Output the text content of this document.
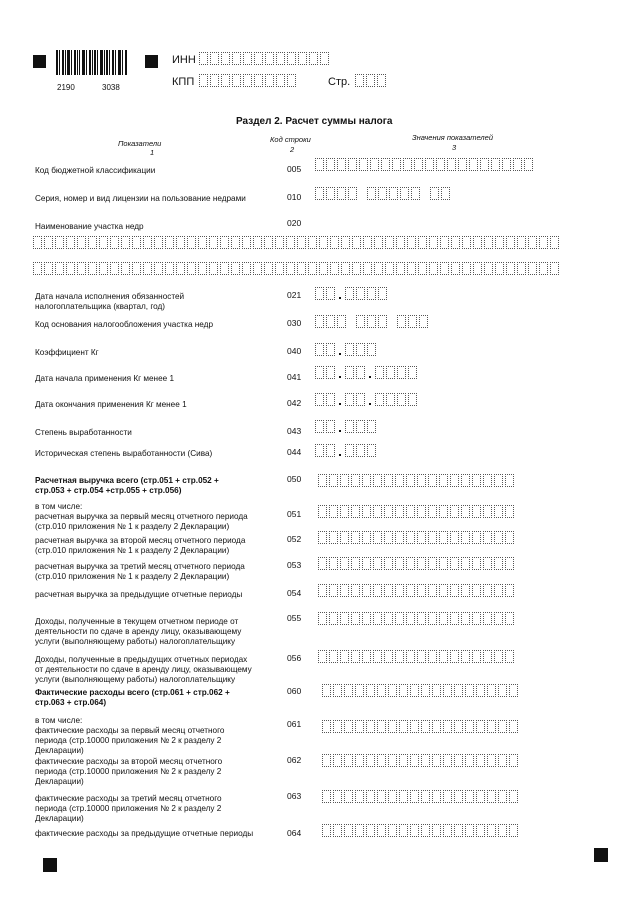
2190	3038
ИНН
КПП	Стр.
Раздел 2. Расчет суммы налога
Показатели
1
Код строки
2
Значения показателей
3
Код бюджетной классификации	005
Серия, номер и вид лицензии на пользование недрами	010
Наименование участка недр	020
Дата начала исполнения обязанностей
налогоплательщика (квартал, год)
021
Код основания налогообложения участка недр	030
Коэффициент Кг	040
Дата начала применения Кг менее 1	041
Дата окончания применения Кг менее 1	042
Степень выработанности	043
Историческая степень выработанности (Сива)	044
Расчетная выручка всего (стр.051 + стр.052 +
стр.053 + стр.054 +стр.055 + стр.056)
050
в том числе:
расчетная выручка за первый месяц отчетного периода
(стр.010 приложения № 1 к разделу 2 Декларации)
051
расчетная выручка за второй месяц отчетного периода
(стр.010 приложения № 1 к разделу 2 Декларации)
052
расчетная выручка за третий месяц отчетного периода
(стр.010 приложения № 1 к разделу 2 Декларации)
053
расчетная выручка за предыдущие отчетные периоды	054
Доходы, полученные в текущем отчетном периоде от
деятельности по сдаче в аренду лицу, оказывающему
услуги (выполняющему работы) налогоплательщику
055
Доходы, полученные в предыдущих отчетных периодах
от деятельности по сдаче в аренду лицу, оказывающему
услуги (выполняющему работы) налогоплательщику
056
Фактические расходы всего (стр.061 + стр.062 +
стр.063 + стр.064)
060
в том числе:
фактические расходы за первый месяц отчетного
периода (стр.10000 приложения № 2 к разделу 2
Декларации)
061
фактические расходы за второй месяц отчетного
периода (стр.10000 приложения № 2 к разделу 2
Декларации)
062
фактические расходы за третий месяц отчетного
периода (стр.10000 приложения № 2 к разделу 2
Декларации)
063
фактические расходы за предыдущие отчетные периоды	064
